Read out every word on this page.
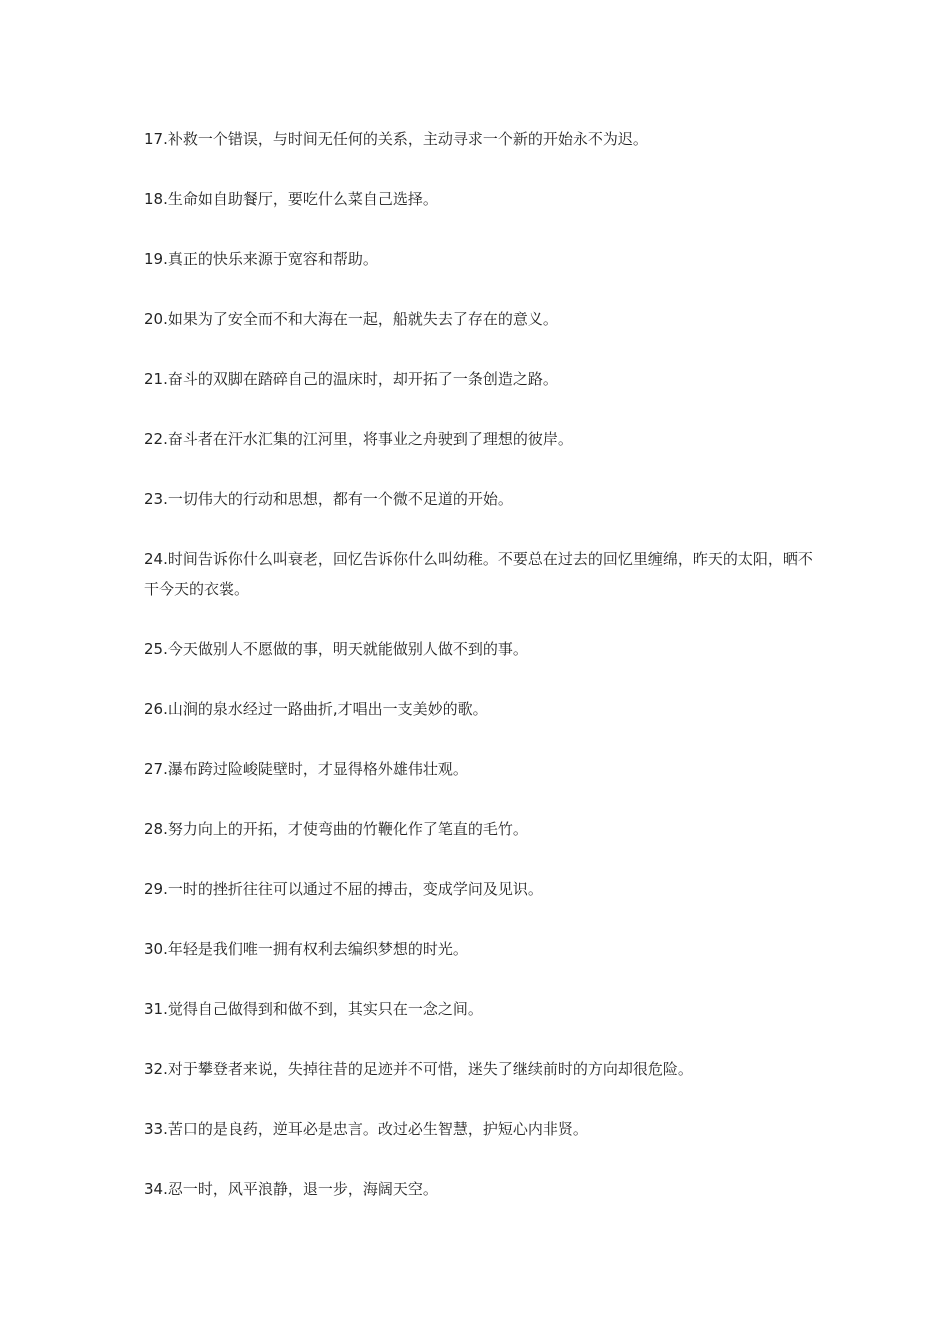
17.补救一个错误，与时间无任何的关系，主动寻求一个新的开始永不为迟。

18.生命如自助餐厅，要吃什么菜自己选择。

19.真正的快乐来源于宽容和帮助。

20.如果为了安全而不和大海在一起，船就失去了存在的意义。

21.奋斗的双脚在踏碎自己的温床时，却开拓了一条创造之路。

22.奋斗者在汗水汇集的江河里，将事业之舟驶到了理想的彼岸。

23.一切伟大的行动和思想，都有一个微不足道的开始。

24.时间告诉你什么叫衰老，回忆告诉你什么叫幼稚。不要总在过去的回忆里缠绵，昨天的太阳，晒不干今天的衣裳。

25.今天做别人不愿做的事，明天就能做别人做不到的事。

26.山涧的泉水经过一路曲折,才唱出一支美妙的歌。

27.瀑布跨过险峻陡壁时，才显得格外雄伟壮观。

28.努力向上的开拓，才使弯曲的竹鞭化作了笔直的毛竹。

29.一时的挫折往往可以通过不屈的搏击，变成学问及见识。

30.年轻是我们唯一拥有权利去编织梦想的时光。

31.觉得自己做得到和做不到，其实只在一念之间。

32.对于攀登者来说，失掉往昔的足迹并不可惜，迷失了继续前时的方向却很危险。

33.苦口的是良药，逆耳必是忠言。改过必生智慧，护短心内非贤。

34.忍一时，风平浪静，退一步，海阔天空。
